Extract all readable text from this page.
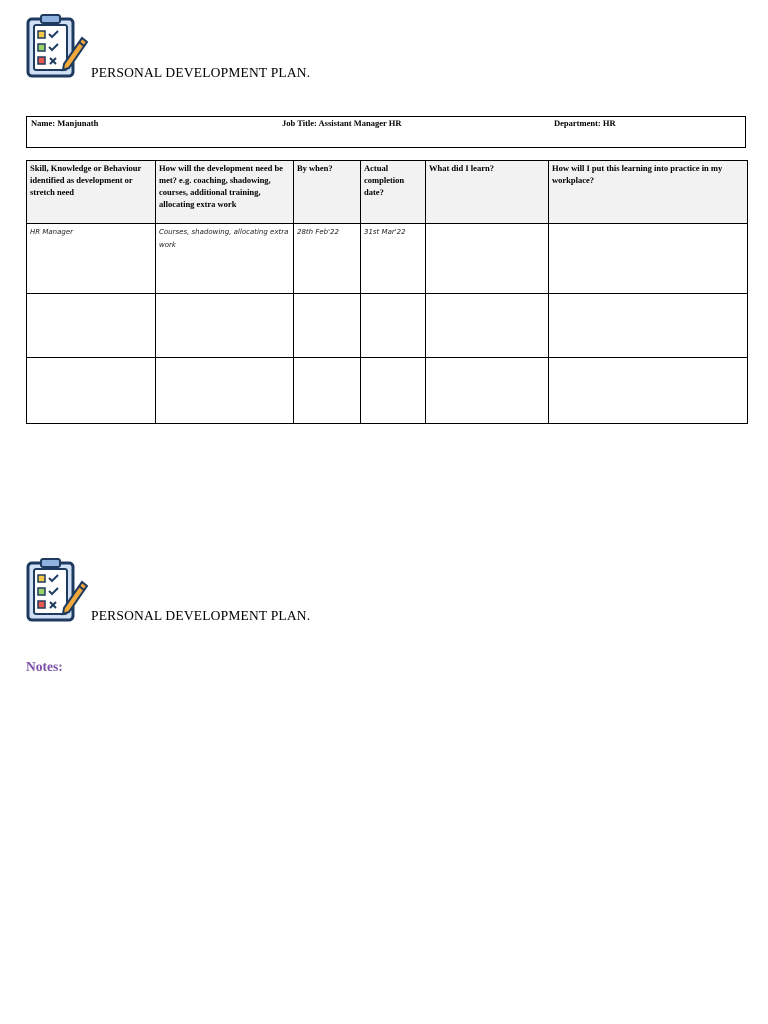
PERSONAL DEVELOPMENT PLAN.
Name: Manjunath	Job Title: Assistant Manager HR	Department: HR
Skill, Knowledge or Behaviour identified as development or stretch need	How will the development need be met? e.g. coaching, shadowing, courses, additional training, allocating extra work	By when?	Actual completion date?	What did I learn?	How will I put this learning into practice in my workplace?
HR Manager	Courses, shadowing, allocating extra work	28th Feb'22	31st Mar'22		

PERSONAL DEVELOPMENT PLAN.
Notes:
